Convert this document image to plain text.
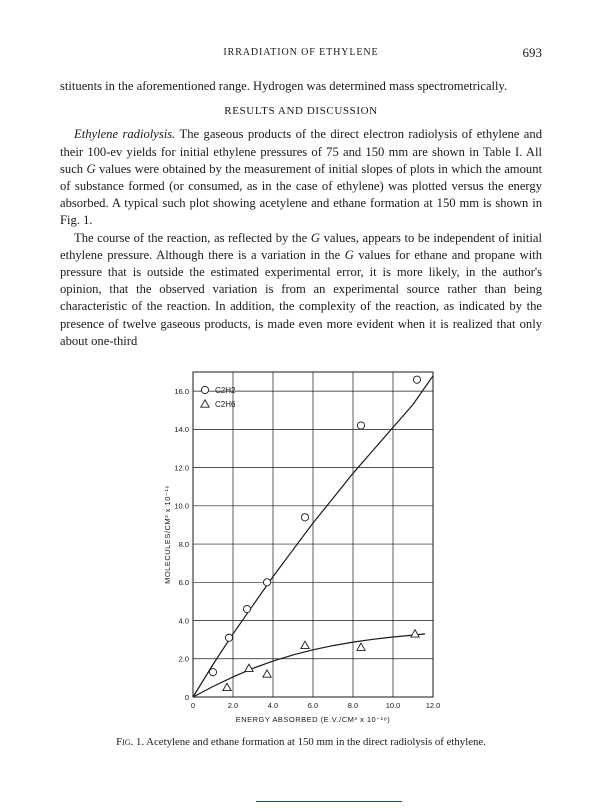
IRRADIATION OF ETHYLENE	693

stituents in the aforementioned range. Hydrogen was determined mass spectrometrically.

RESULTS AND DISCUSSION

Ethylene radiolysis. The gaseous products of the direct electron radiolysis of ethylene and their 100-ev yields for initial ethylene pressures of 75 and 150 mm are shown in Table I. All such G values were obtained by the measurement of initial slopes of plots in which the amount of substance formed (or consumed, as in the case of ethylene) was plotted versus the energy absorbed. A typical such plot showing acetylene and ethane formation at 150 mm is shown in Fig. 1.

The course of the reaction, as reflected by the G values, appears to be independent of initial ethylene pressure. Although there is a variation in the G values for ethane and propane with pressure that is outside the estimated experimental error, it is more likely, in the author's opinion, that the observed variation is from an experimental source rather than being characteristic of the reaction. In addition, the complexity of the reaction, as indicated by the presence of twelve gaseous products, is made even more evident when it is realized that only about one-third

0
2.0
4.0
6.0
8.0
10.0
12.0
14.0
16.0
0	2.0	4.0	6.0	8.0	10.0	12.0
ENERGY ABSORBED (E.V./CM³ x 10⁻¹⁸)
MOLECULES/CM³ x 10⁻¹⁶
C2H2
C2H6
Fig. 1. Acetylene and ethane formation at 150 mm in the direct radiolysis of ethylene.
